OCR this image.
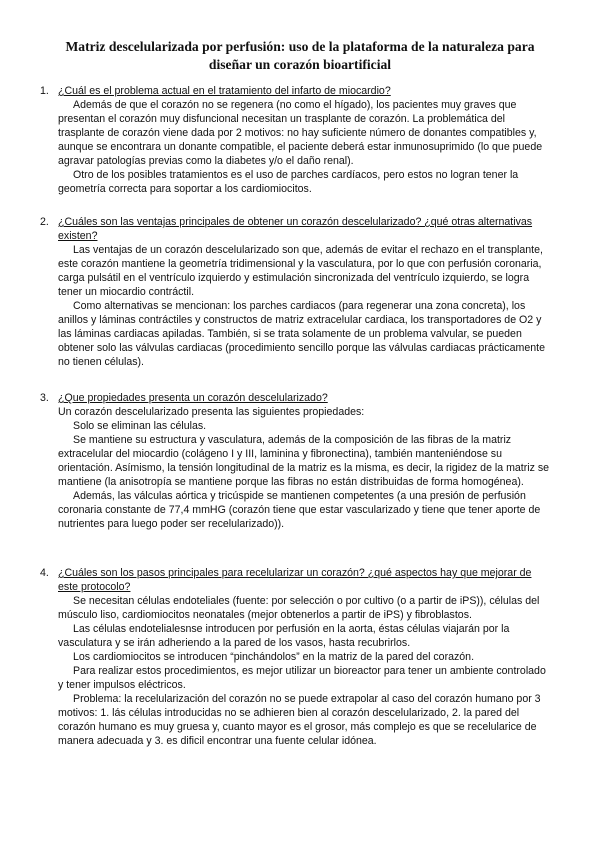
Matriz descelularizada por perfusión: uso de la plataforma de la naturaleza para
diseñar un corazón bioartificial
1. ¿Cuál es el problema actual en el tratamiento del infarto de miocardio?

Además de que el corazón no se regenera (no como el hígado), los pacientes muy graves que presentan el corazón muy disfuncional necesitan un trasplante de corazón. La problemática del trasplante de corazón viene dada por 2 motivos: no hay suficiente número de donantes compatibles y, aunque se encontrara un donante compatible, el paciente deberá estar inmunosuprimido (lo que puede agravar patologías previas como la diabetes y/o el daño renal).

Otro de los posibles tratamientos es el uso de parches cardíacos, pero estos no logran tener la geometría correcta para soportar a los cardiomiocitos.

2. ¿Cuáles son las ventajas principales de obtener un corazón descelularizado? ¿qué otras alternativas existen?

Las ventajas de un corazón descelularizado son que, además de evitar el rechazo en el transplante, este corazón mantiene la geometría tridimensional y la vasculatura, por lo que con perfusión coronaria, carga pulsátil en el ventrículo izquierdo y estimulación sincronizada del ventrículo izquierdo, se logra tener un miocardio contráctil.

Como alternativas se mencionan: los parches cardiacos (para regenerar una zona concreta), los anillos y láminas contráctiles y constructos de matriz extracelular cardiaca, los transportadores de O2 y las láminas cardiacas apiladas. También, si se trata solamente de un problema valvular, se pueden obtener solo las válvulas cardiacas (procedimiento sencillo porque las válvulas cardiacas prácticamente no tienen células).

3. ¿Que propiedades presenta un corazón descelularizado?

Un corazón descelularizado presenta las siguientes propiedades:

Solo se eliminan las células.

Se mantiene su estructura y vasculatura, además de la composición de las fibras de la matriz extracelular del miocardio (colágeno I y III, laminina y fibronectina), también manteniéndose su orientación. Asímismo, la tensión longitudinal de la matriz es la misma, es decir, la rigidez de la matriz se mantiene (la anisotropía se mantiene porque las fibras no están distribuidas de forma homogénea).

Además, las válculas aórtica y tricúspide se mantienen competentes (a una presión de perfusión coronaria constante de 77,4 mmHG (corazón tiene que estar vascularizado y tiene que tener aporte de nutrientes para luego poder ser recelularizado)).

4. ¿Cuáles son los pasos principales para recelularizar un corazón? ¿qué aspectos hay que mejorar de este protocolo?

Se necesitan células endoteliales (fuente: por selección o por cultivo (o a partir de iPS)), células del músculo liso, cardiomiocitos neonatales (mejor obtenerlos a partir de iPS) y fibroblastos.

Las células endotelialesnse introducen por perfusión en la aorta, éstas células viajarán por la vasculatura y se irán adheriendo a la pared de los vasos, hasta recubrirlos.

Los cardiomiocitos se introducen “pinchándolos” en la matriz de la pared del corazón.

Para realizar estos procedimientos, es mejor utilizar un bioreactor para tener un ambiente controlado y tener impulsos eléctricos.

Problema: la recelularización del corazón no se puede extrapolar al caso del corazón humano por 3 motivos: 1. lás células introducidas no se adhieren bien al corazón descelularizado, 2. la pared del corazón humano es muy gruesa y, cuanto mayor es el grosor, más complejo es que se recelularice de manera adecuada y 3. es dificil encontrar una fuente celular idónea.
